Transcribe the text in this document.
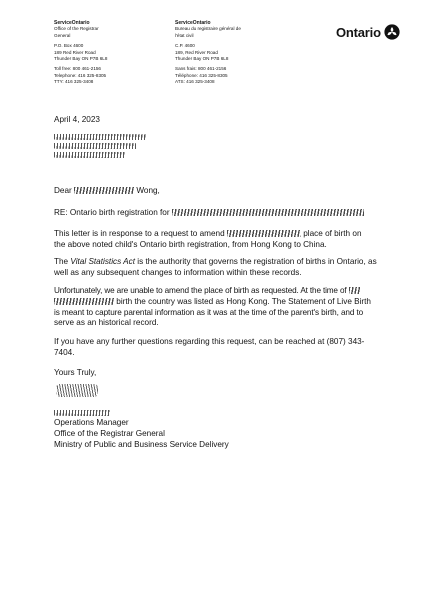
ServiceOntario
Office of the Registrar
General
P.O. Box 4600
189 Red River Road
Thunder Bay ON P7B 6L8
Toll free: 800 461-2156
Telephone: 416 325-8305
TTY: 416 325-3408
ServiceOntario
Bureau du registraire général de
l'état civil
C.P. 4600
189, Red River Road
Thunder Bay ON P7B 6L8
Sans frais: 800 461-2156
Téléphone: 416 325-8305
ATS: 416 325-3408
Ontario
April 4, 2023
Dear	Wong,
RE: Ontario birth registration for
This letter is in response to a request to amend	place of birth on
the above noted child's Ontario birth registration, from Hong Kong to China.
The Vital Statistics Act is the authority that governs the registration of births in Ontario, as
well as any subsequent changes to information within these records.
Unfortunately, we are unable to amend the place of birth as requested. At the time of
birth the country was listed as Hong Kong. The Statement of Live Birth
is meant to capture parental information as it was at the time of the parent's birth, and to
serve as an historical record.
If you have any further questions regarding this request, can be reached at (807) 343-
7404.
Yours Truly,
Operations Manager
Office of the Registrar General
Ministry of Public and Business Service Delivery
